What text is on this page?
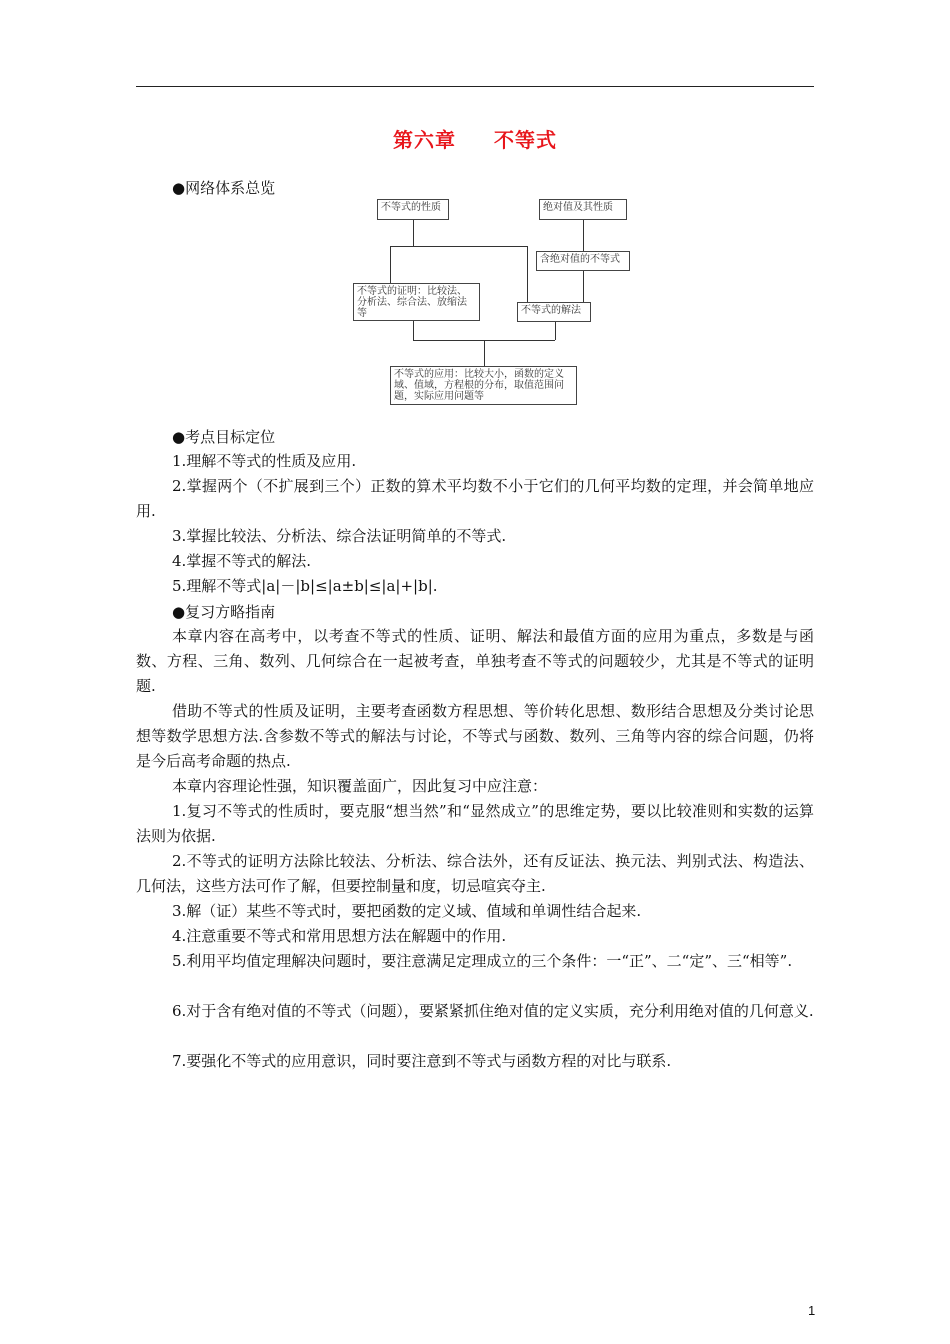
第六章 不等式
●网络体系总览
不等式的性质	绝对值及其性质
含绝对值的不等式
不等式的证明：比较法、分析法、综合法、放缩法等	不等式的解法
不等式的应用：比较大小，函数的定义域、值域，方程根的分布，取值范围问题，实际应用问题等
●考点目标定位
1.理解不等式的性质及应用.
2.掌握两个（不扩展到三个）正数的算术平均数不小于它们的几何平均数的定理，并会简单地应用.
3.掌握比较法、分析法、综合法证明简单的不等式.
4.掌握不等式的解法.
5.理解不等式|a|－|b|≤|a±b|≤|a|+|b|.
●复习方略指南
本章内容在高考中，以考查不等式的性质、证明、解法和最值方面的应用为重点，多数是与函数、方程、三角、数列、几何综合在一起被考查，单独考查不等式的问题较少，尤其是不等式的证明题.
借助不等式的性质及证明，主要考查函数方程思想、等价转化思想、数形结合思想及分类讨论思想等数学思想方法.含参数不等式的解法与讨论，不等式与函数、数列、三角等内容的综合问题，仍将是今后高考命题的热点.
本章内容理论性强，知识覆盖面广，因此复习中应注意：
1.复习不等式的性质时，要克服“想当然”和“显然成立”的思维定势，要以比较准则和实数的运算法则为依据.
2.不等式的证明方法除比较法、分析法、综合法外，还有反证法、换元法、判别式法、构造法、几何法，这些方法可作了解，但要控制量和度，切忌喧宾夺主.
3.解（证）某些不等式时，要把函数的定义域、值域和单调性结合起来.
4.注意重要不等式和常用思想方法在解题中的作用.
5.利用平均值定理解决问题时，要注意满足定理成立的三个条件：一“正”、二“定”、三“相等”.
6.对于含有绝对值的不等式（问题），要紧紧抓住绝对值的定义实质，充分利用绝对值的几何意义.
7.要强化不等式的应用意识，同时要注意到不等式与函数方程的对比与联系.
1
